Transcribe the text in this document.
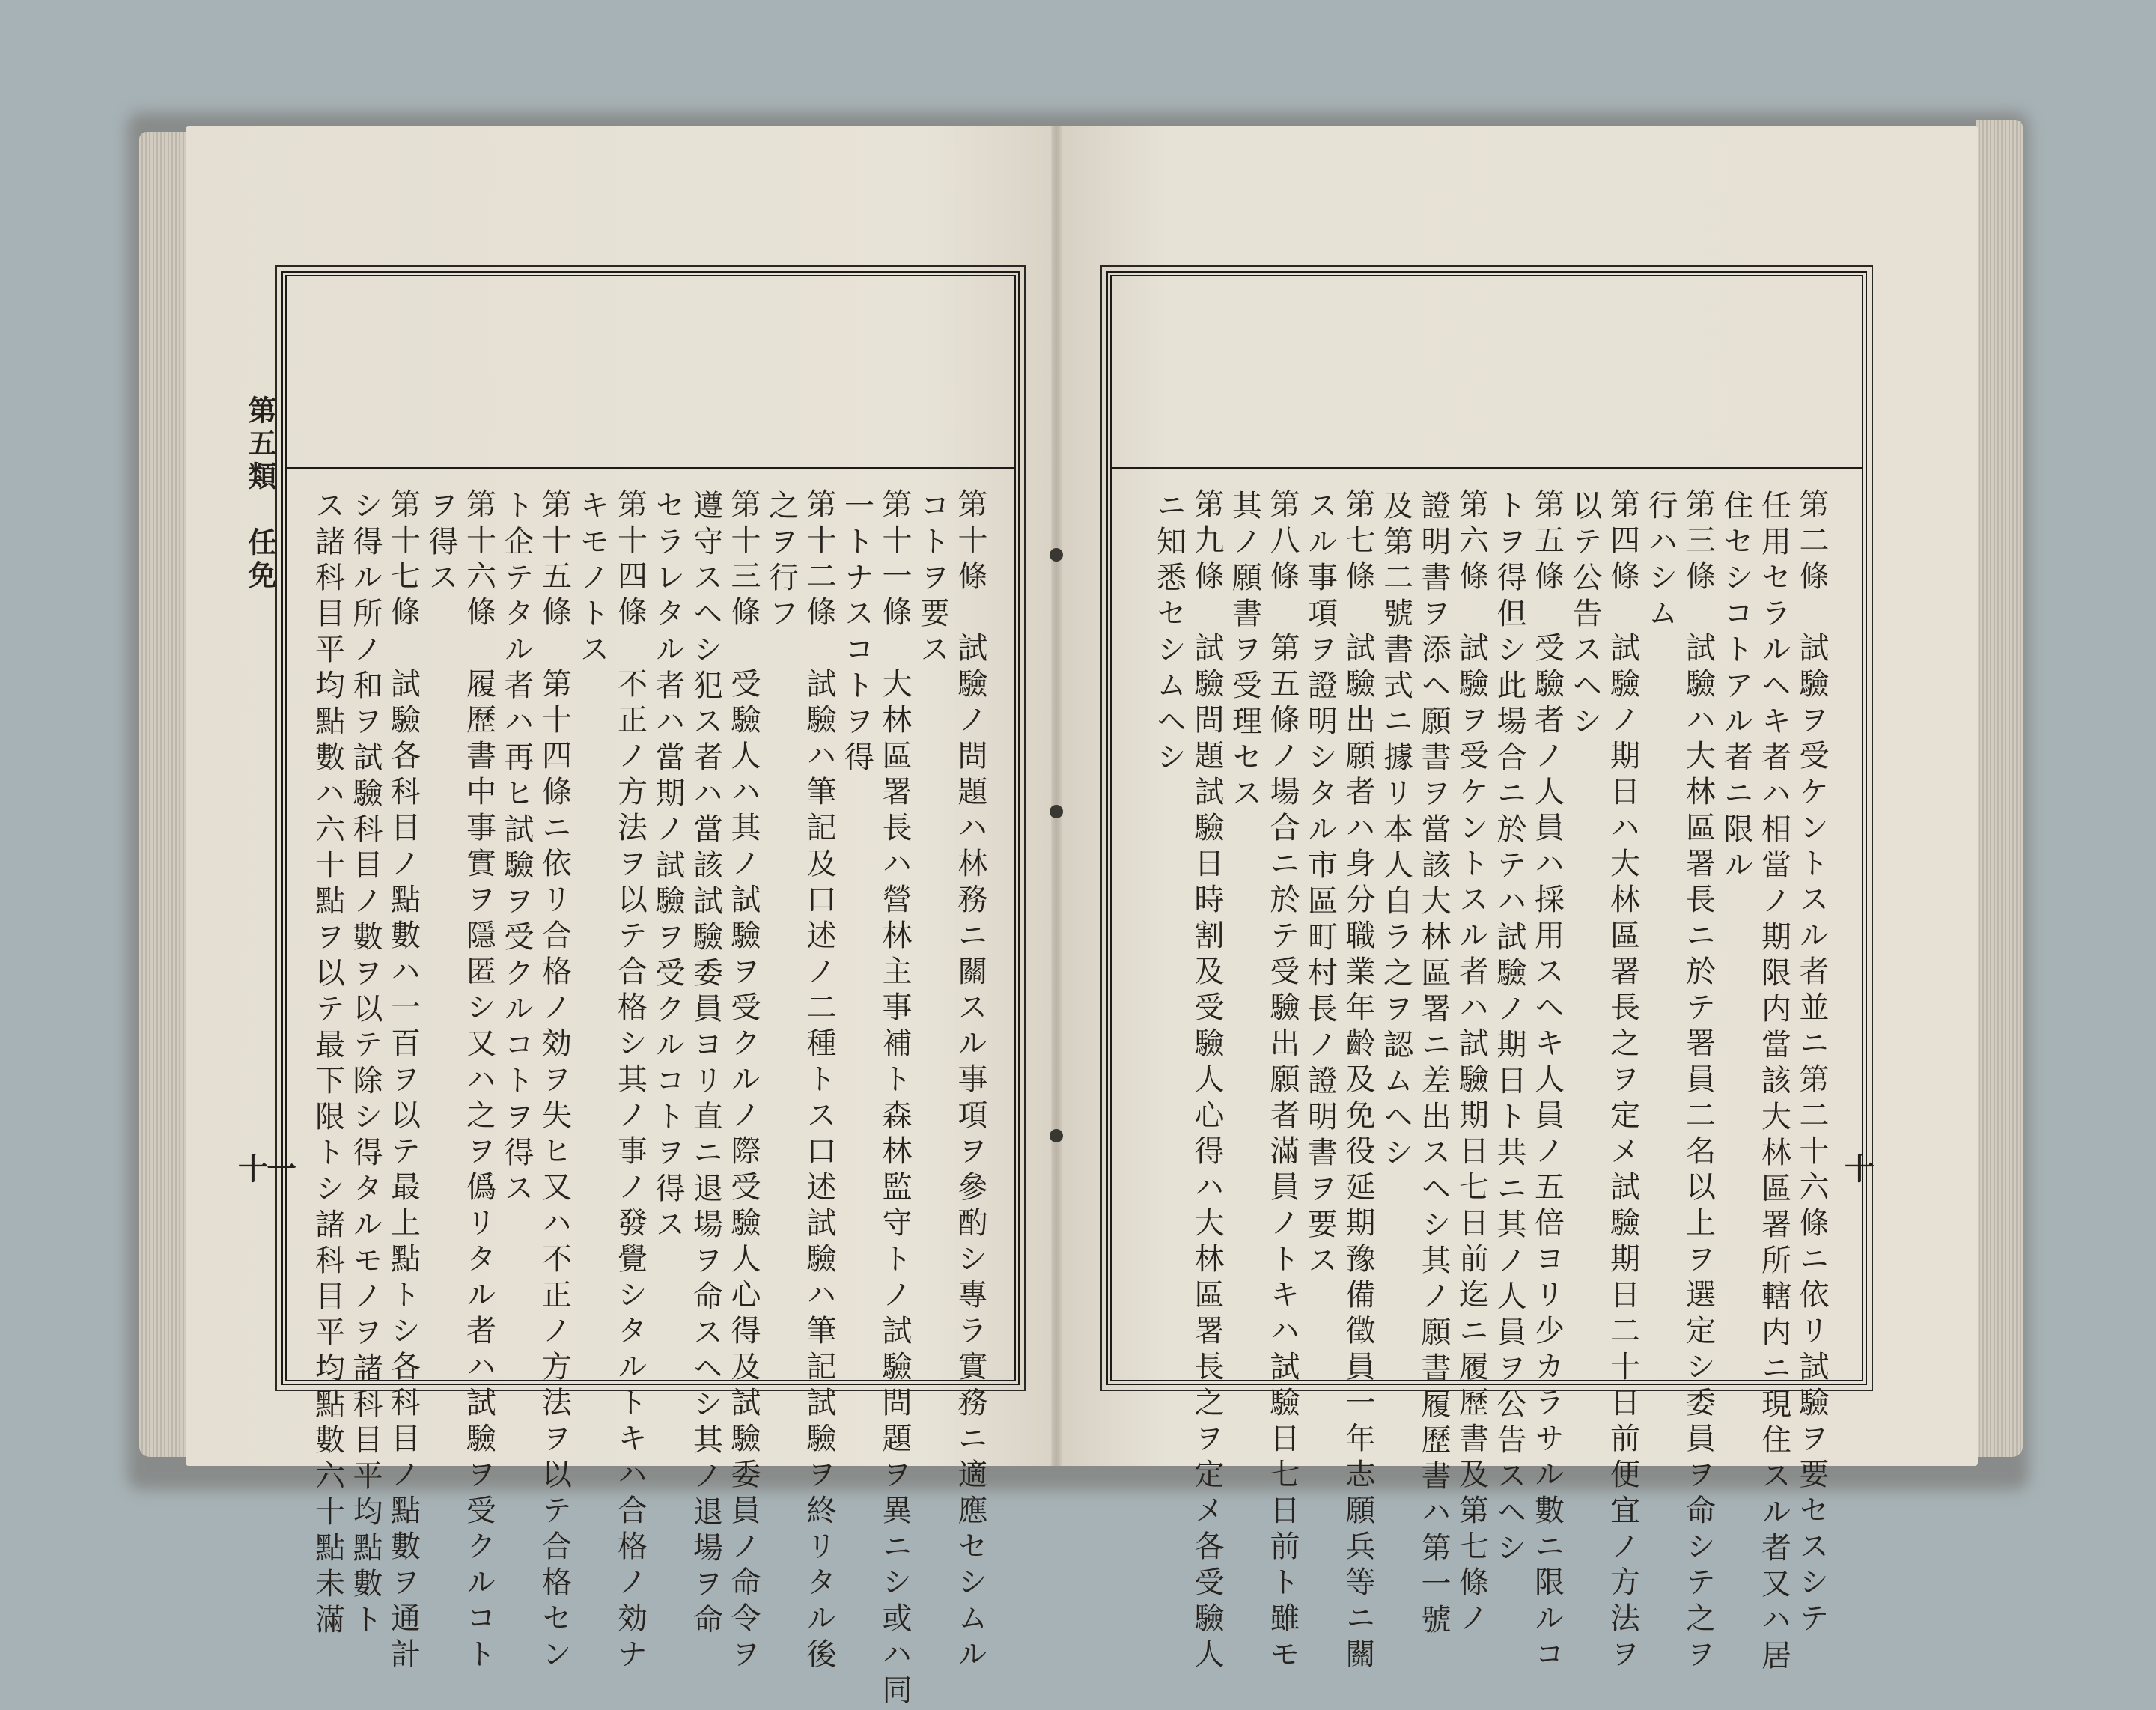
第五類　任免
十一	第十條　試驗ノ問題ハ林務ニ關スル事項ヲ參酌シ專ラ實務ニ適應セシムル
コトヲ要ス
第十一條　大林區署長ハ營林主事補ト森林監守トノ試驗問題ヲ異ニシ或ハ同
一トナスコトヲ得
第十二條　試驗ハ筆記及口述ノ二種トス口述試驗ハ筆記試驗ヲ終リタル後
之ヲ行フ
第十三條　受驗人ハ其ノ試驗ヲ受クルノ際受驗人心得及試驗委員ノ命令ヲ
遵守スヘシ犯ス者ハ當該試驗委員ヨリ直ニ退場ヲ命スヘシ其ノ退場ヲ命
セラレタル者ハ當期ノ試驗ヲ受クルコトヲ得ス
第十四條　不正ノ方法ヲ以テ合格シ其ノ事ノ發覺シタルトキハ合格ノ効ナ
キモノトス
第十五條　第十四條ニ依リ合格ノ効ヲ失ヒ又ハ不正ノ方法ヲ以テ合格セン
ト企テタル者ハ再ヒ試驗ヲ受クルコトヲ得ス
第十六條　履歷書中事實ヲ隱匿シ又ハ之ヲ僞リタル者ハ試驗ヲ受クルコト
ヲ得ス
第十七條　試驗各科目ノ點數ハ一百ヲ以テ最上點トシ各科目ノ點數ヲ通計
シ得ル所ノ和ヲ試驗科目ノ數ヲ以テ除シ得タルモノヲ諸科目平均點數ト
ス諸科目平均點數ハ六十點ヲ以テ最下限トシ諸科目平均點數六十點未滿	十
第二條　試驗ヲ受ケントスル者並ニ第二十六條ニ依リ試驗ヲ要セスシテ
任用セラルヘキ者ハ相當ノ期限内當該大林區署所轄内ニ現住スル者又ハ居
住セシコトアル者ニ限ル
第三條　試驗ハ大林區署長ニ於テ署員二名以上ヲ選定シ委員ヲ命シテ之ヲ
行ハシム
第四條　試驗ノ期日ハ大林區署長之ヲ定メ試驗期日二十日前便宜ノ方法ヲ
以テ公告スヘシ
第五條　受驗者ノ人員ハ採用スヘキ人員ノ五倍ヨリ少カラサル數ニ限ルコ
トヲ得但シ此場合ニ於テハ試驗ノ期日ト共ニ其ノ人員ヲ公告スヘシ
第六條　試驗ヲ受ケントスル者ハ試驗期日七日前迄ニ履歷書及第七條ノ
證明書ヲ添ヘ願書ヲ當該大林區署ニ差出スヘシ其ノ願書履歷書ハ第一號
及第二號書式ニ據リ本人自ラ之ヲ認ムヘシ
第七條　試驗出願者ハ身分職業年齡及免役延期豫備徵員一年志願兵等ニ關
スル事項ヲ證明シタル市區町村長ノ證明書ヲ要ス
第八條　第五條ノ場合ニ於テ受驗出願者滿員ノトキハ試驗日七日前ト雖モ
其ノ願書ヲ受理セス
第九條　試驗問題試驗日時割及受驗人心得ハ大林區署長之ヲ定メ各受驗人
ニ知悉セシムヘシ
